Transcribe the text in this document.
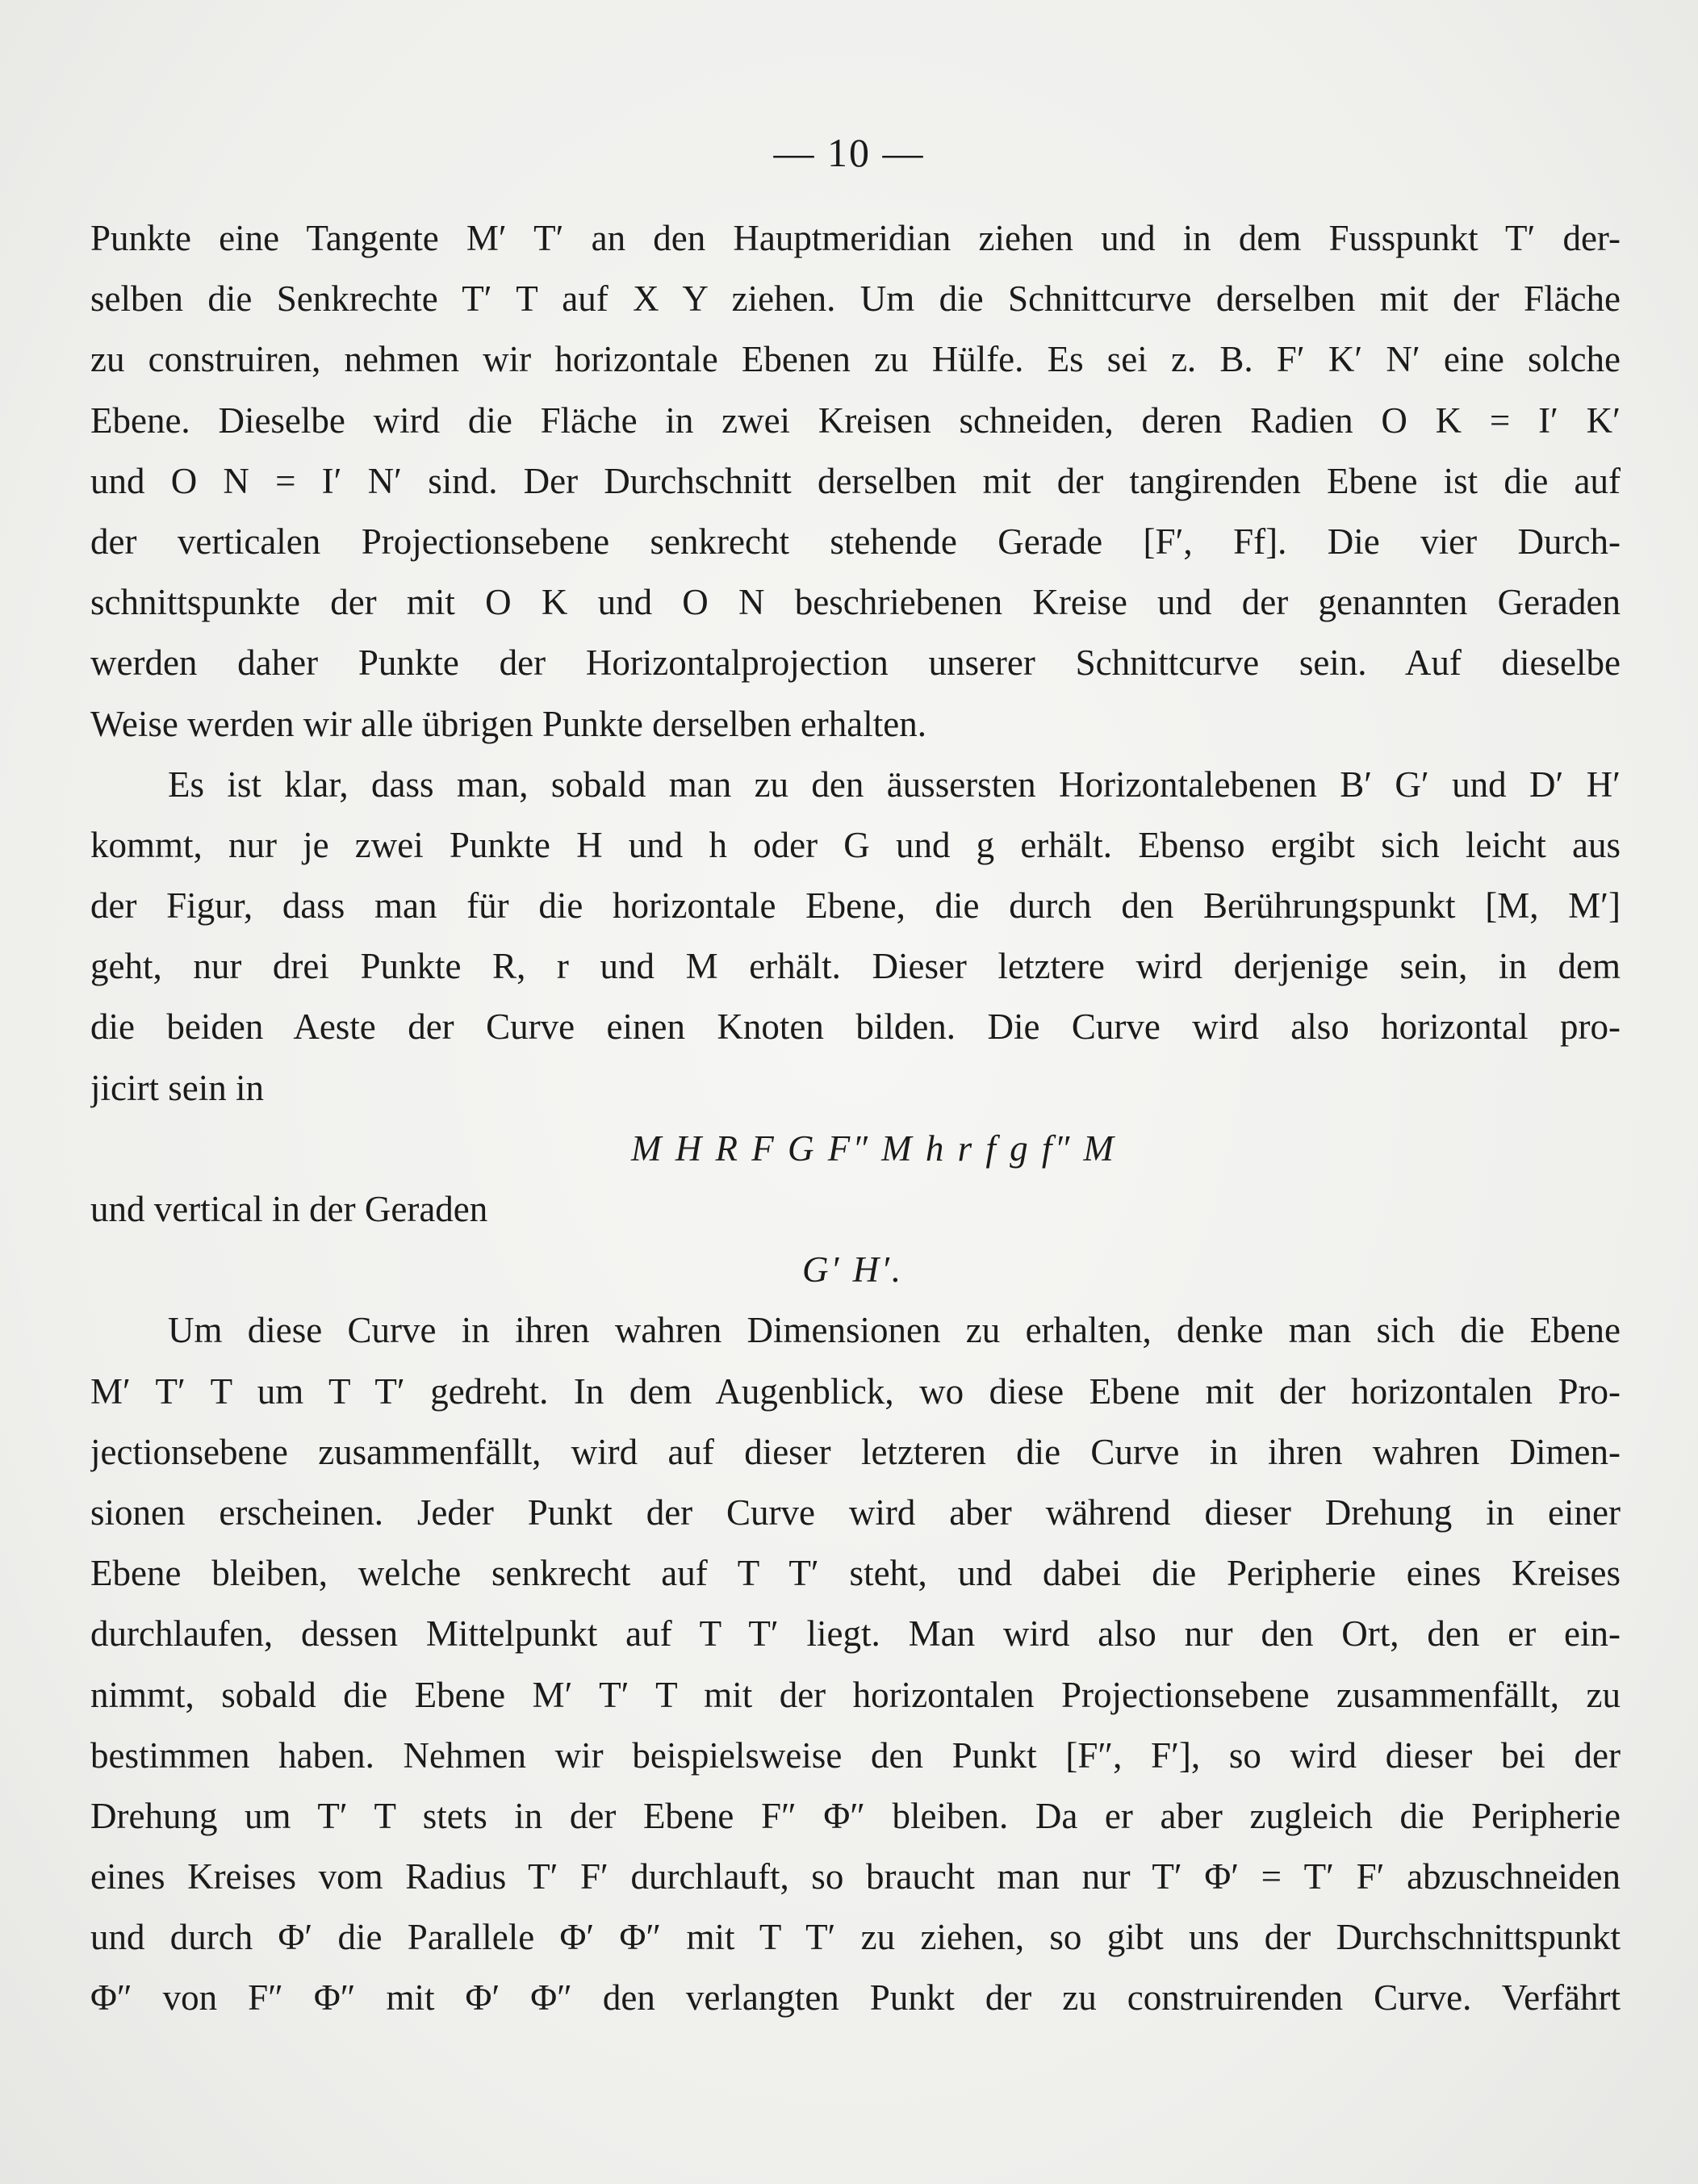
— 10 —
Punkte eine Tangente M′ T′ an den Hauptmeridian ziehen und in dem Fusspunkt T′ der-
selben die Senkrechte T′ T auf X Y ziehen. Um die Schnittcurve derselben mit der Fläche
zu construiren, nehmen wir horizontale Ebenen zu Hülfe. Es sei z. B. F′ K′ N′ eine solche
Ebene. Dieselbe wird die Fläche in zwei Kreisen schneiden, deren Radien O K = I′ K′
und O N = I′ N′ sind. Der Durchschnitt derselben mit der tangirenden Ebene ist die auf
der verticalen Projectionsebene senkrecht stehende Gerade [F′, Ff]. Die vier Durch-
schnittspunkte der mit O K und O N beschriebenen Kreise und der genannten Geraden
werden daher Punkte der Horizontalprojection unserer Schnittcurve sein. Auf dieselbe
Weise werden wir alle übrigen Punkte derselben erhalten.
Es ist klar, dass man, sobald man zu den äussersten Horizontalebenen B′ G′ und D′ H′
kommt, nur je zwei Punkte H und h oder G und g erhält. Ebenso ergibt sich leicht aus
der Figur, dass man für die horizontale Ebene, die durch den Berührungspunkt [M, M′]
geht, nur drei Punkte R, r und M erhält. Dieser letztere wird derjenige sein, in dem
die beiden Aeste der Curve einen Knoten bilden. Die Curve wird also horizontal pro-
jicirt sein in
M H R F G F″ M h r f g f″ M
und vertical in der Geraden
G′ H′.
Um diese Curve in ihren wahren Dimensionen zu erhalten, denke man sich die Ebene
M′ T′ T um T T′ gedreht. In dem Augenblick, wo diese Ebene mit der horizontalen Pro-
jectionsebene zusammenfällt, wird auf dieser letzteren die Curve in ihren wahren Dimen-
sionen erscheinen. Jeder Punkt der Curve wird aber während dieser Drehung in einer
Ebene bleiben, welche senkrecht auf T T′ steht, und dabei die Peripherie eines Kreises
durchlaufen, dessen Mittelpunkt auf T T′ liegt. Man wird also nur den Ort, den er ein-
nimmt, sobald die Ebene M′ T′ T mit der horizontalen Projectionsebene zusammenfällt, zu
bestimmen haben. Nehmen wir beispielsweise den Punkt [F″, F′], so wird dieser bei der
Drehung um T′ T stets in der Ebene F″ Φ″ bleiben. Da er aber zugleich die Peripherie
eines Kreises vom Radius T′ F′ durchlauft, so braucht man nur T′ Φ′ = T′ F′ abzuschneiden
und durch Φ′ die Parallele Φ′ Φ″ mit T T′ zu ziehen, so gibt uns der Durchschnittspunkt
Φ″ von F″ Φ″ mit Φ′ Φ″ den verlangten Punkt der zu construirenden Curve. Verfährt
